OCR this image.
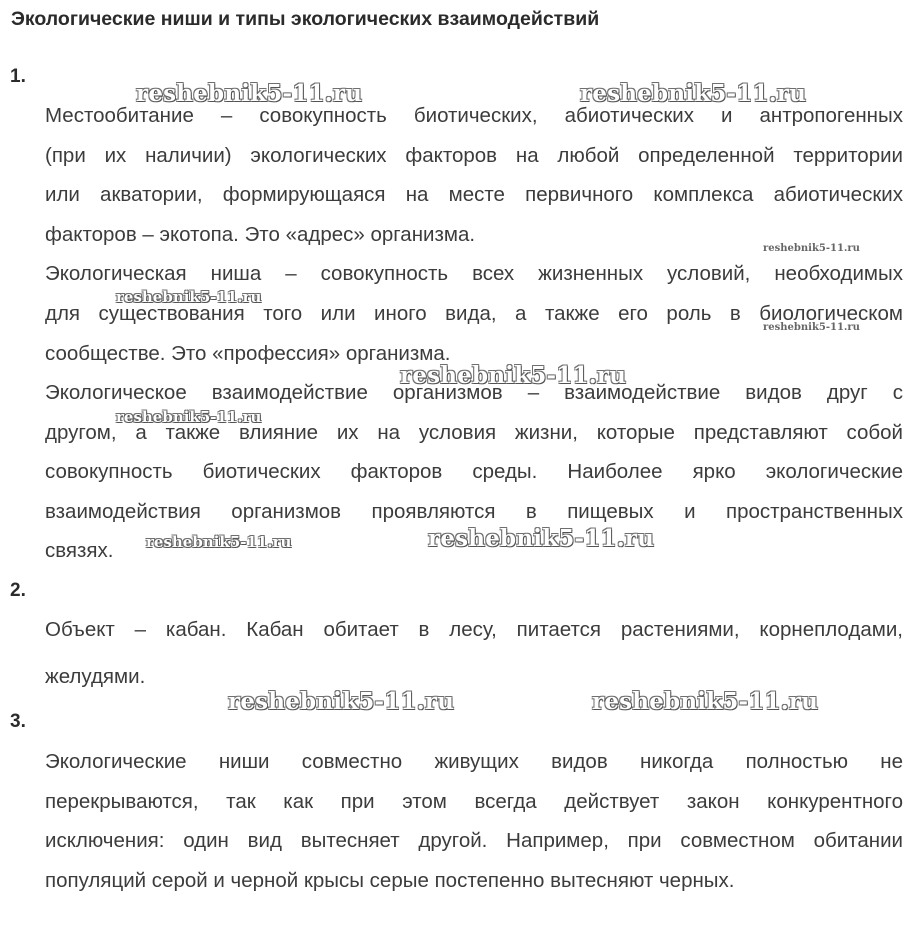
Экологические ниши и типы экологических взаимодействий
1.
Местообитание – совокупность биотических, абиотических и антропогенных
(при их наличии) экологических факторов на любой определенной территории
или акватории, формирующаяся на месте первичного комплекса абиотических
факторов – экотопа. Это «адрес» организма.
Экологическая ниша – совокупность всех жизненных условий, необходимых
для существования того или иного вида, а также его роль в биологическом
сообществе. Это «профессия» организма.
Экологическое взаимодействие организмов – взаимодействие видов друг с
другом, а также влияние их на условия жизни, которые представляют собой
совокупность биотических факторов среды. Наиболее ярко экологические
взаимодействия организмов проявляются в пищевых и пространственных
связях.
2.
Объект – кабан. Кабан обитает в лесу, питается растениями, корнеплодами,
желудями.
3.
Экологические ниши совместно живущих видов никогда полностью не
перекрываются, так как при этом всегда действует закон конкурентного
исключения: один вид вытесняет другой. Например, при совместном обитании
популяций серой и черной крысы серые постепенно вытесняют черных.
reshebnik5-11.ru	reshebnik5-11.ru
reshebnik5-11.ru
reshebnik5-11.ru
reshebnik5-11.ru
reshebnik5-11.ru
reshebnik5-11.ru
reshebnik5-11.ru	reshebnik5-11.ru
reshebnik5-11.ru	reshebnik5-11.ru
